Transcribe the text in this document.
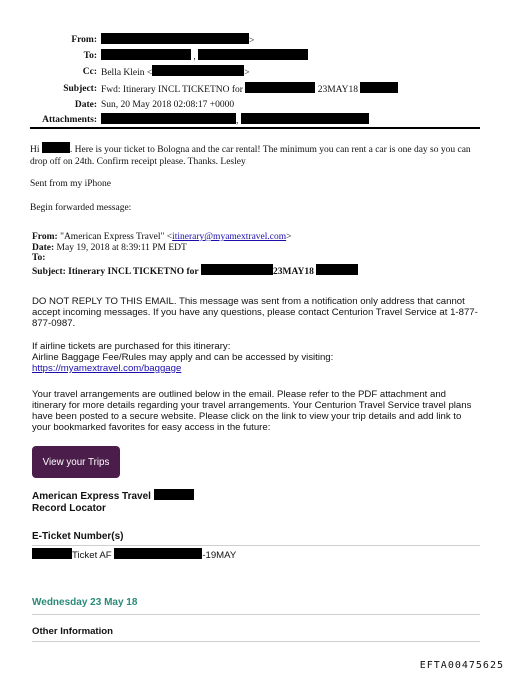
From:	>
To:	,
Cc: Bella Klein <	>
Subject: Fwd: Itinerary INCL TICKETNO for	23MAY18
Date: Sun, 20 May 2018 02:08:17 +0000
Attachments:	,
Hi	. Here is your ticket to Bologna and the car rental! The minimum you can rent a car is one day so you can drop off on 24th. Confirm receipt please. Thanks. Lesley
Sent from my iPhone
Begin forwarded message:
From: "American Express Travel" <itinerary@myamextravel.com>
Date: May 19, 2018 at 8:39:11 PM EDT
To:
Subject: Itinerary INCL TICKETNO for	23MAY18
DO NOT REPLY TO THIS EMAIL. This message was sent from a notification only address that cannot accept incoming messages. If you have any questions, please contact Centurion Travel Service at 1-877-877-0987.
If airline tickets are purchased for this itinerary:
Airline Baggage Fee/Rules may apply and can be accessed by visiting:
https://myamextravel.com/baggage
Your travel arrangements are outlined below in the email. Please refer to the PDF attachment and itinerary for more details regarding your travel arrangements. Your Centurion Travel Service travel plans have been posted to a secure website. Please click on the link to view your trip details and add link to your bookmarked favorites for easy access in the future:
View your Trips
American Express Travel
Record Locator
E-Ticket Number(s)
Ticket AF	-19MAY
Wednesday 23 May 18
Other Information
EFTA00475625
